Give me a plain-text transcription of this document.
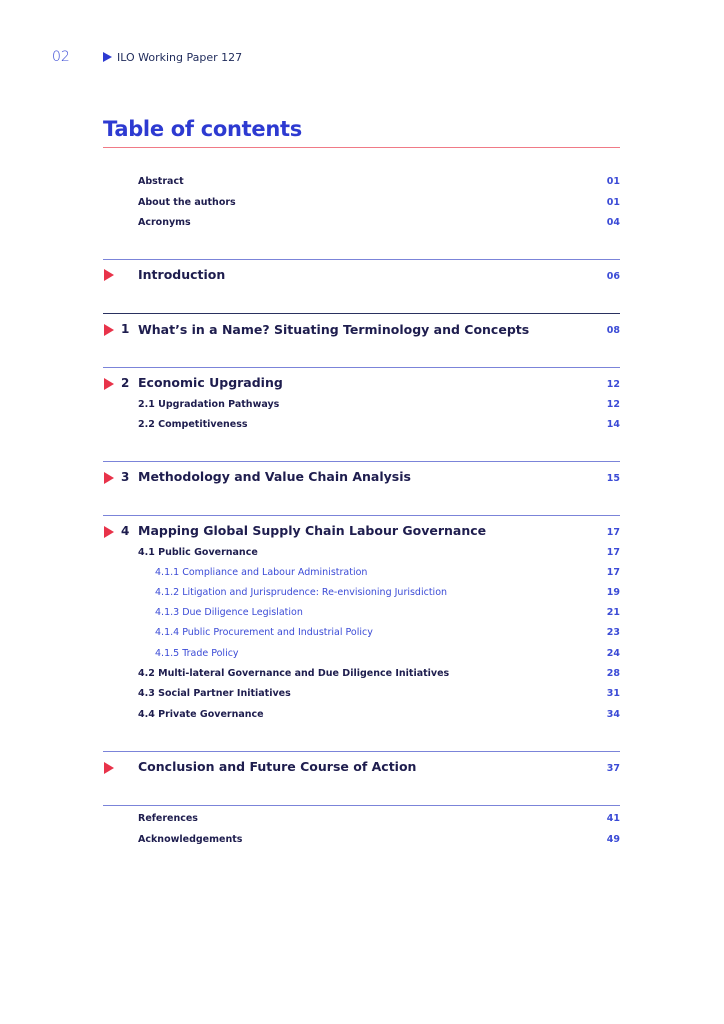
02	ILO Working Paper 127
Table of contents
Abstract	01
About the authors	01
Acronyms	04
Introduction	06
1 What’s in a Name? Situating Terminology and Concepts	08
2 Economic Upgrading	12
2.1 Upgradation Pathways	12
2.2 Competitiveness	14
3 Methodology and Value Chain Analysis	15
4 Mapping Global Supply Chain Labour Governance	17
4.1 Public Governance	17
4.1.1 Compliance and Labour Administration	17
4.1.2 Litigation and Jurisprudence: Re-envisioning Jurisdiction	19
4.1.3 Due Diligence Legislation	21
4.1.4 Public Procurement and Industrial Policy	23
4.1.5 Trade Policy	24
4.2 Multi-lateral Governance and Due Diligence Initiatives	28
4.3 Social Partner Initiatives	31
4.4 Private Governance	34
Conclusion and Future Course of Action	37
References	41
Acknowledgements	49
